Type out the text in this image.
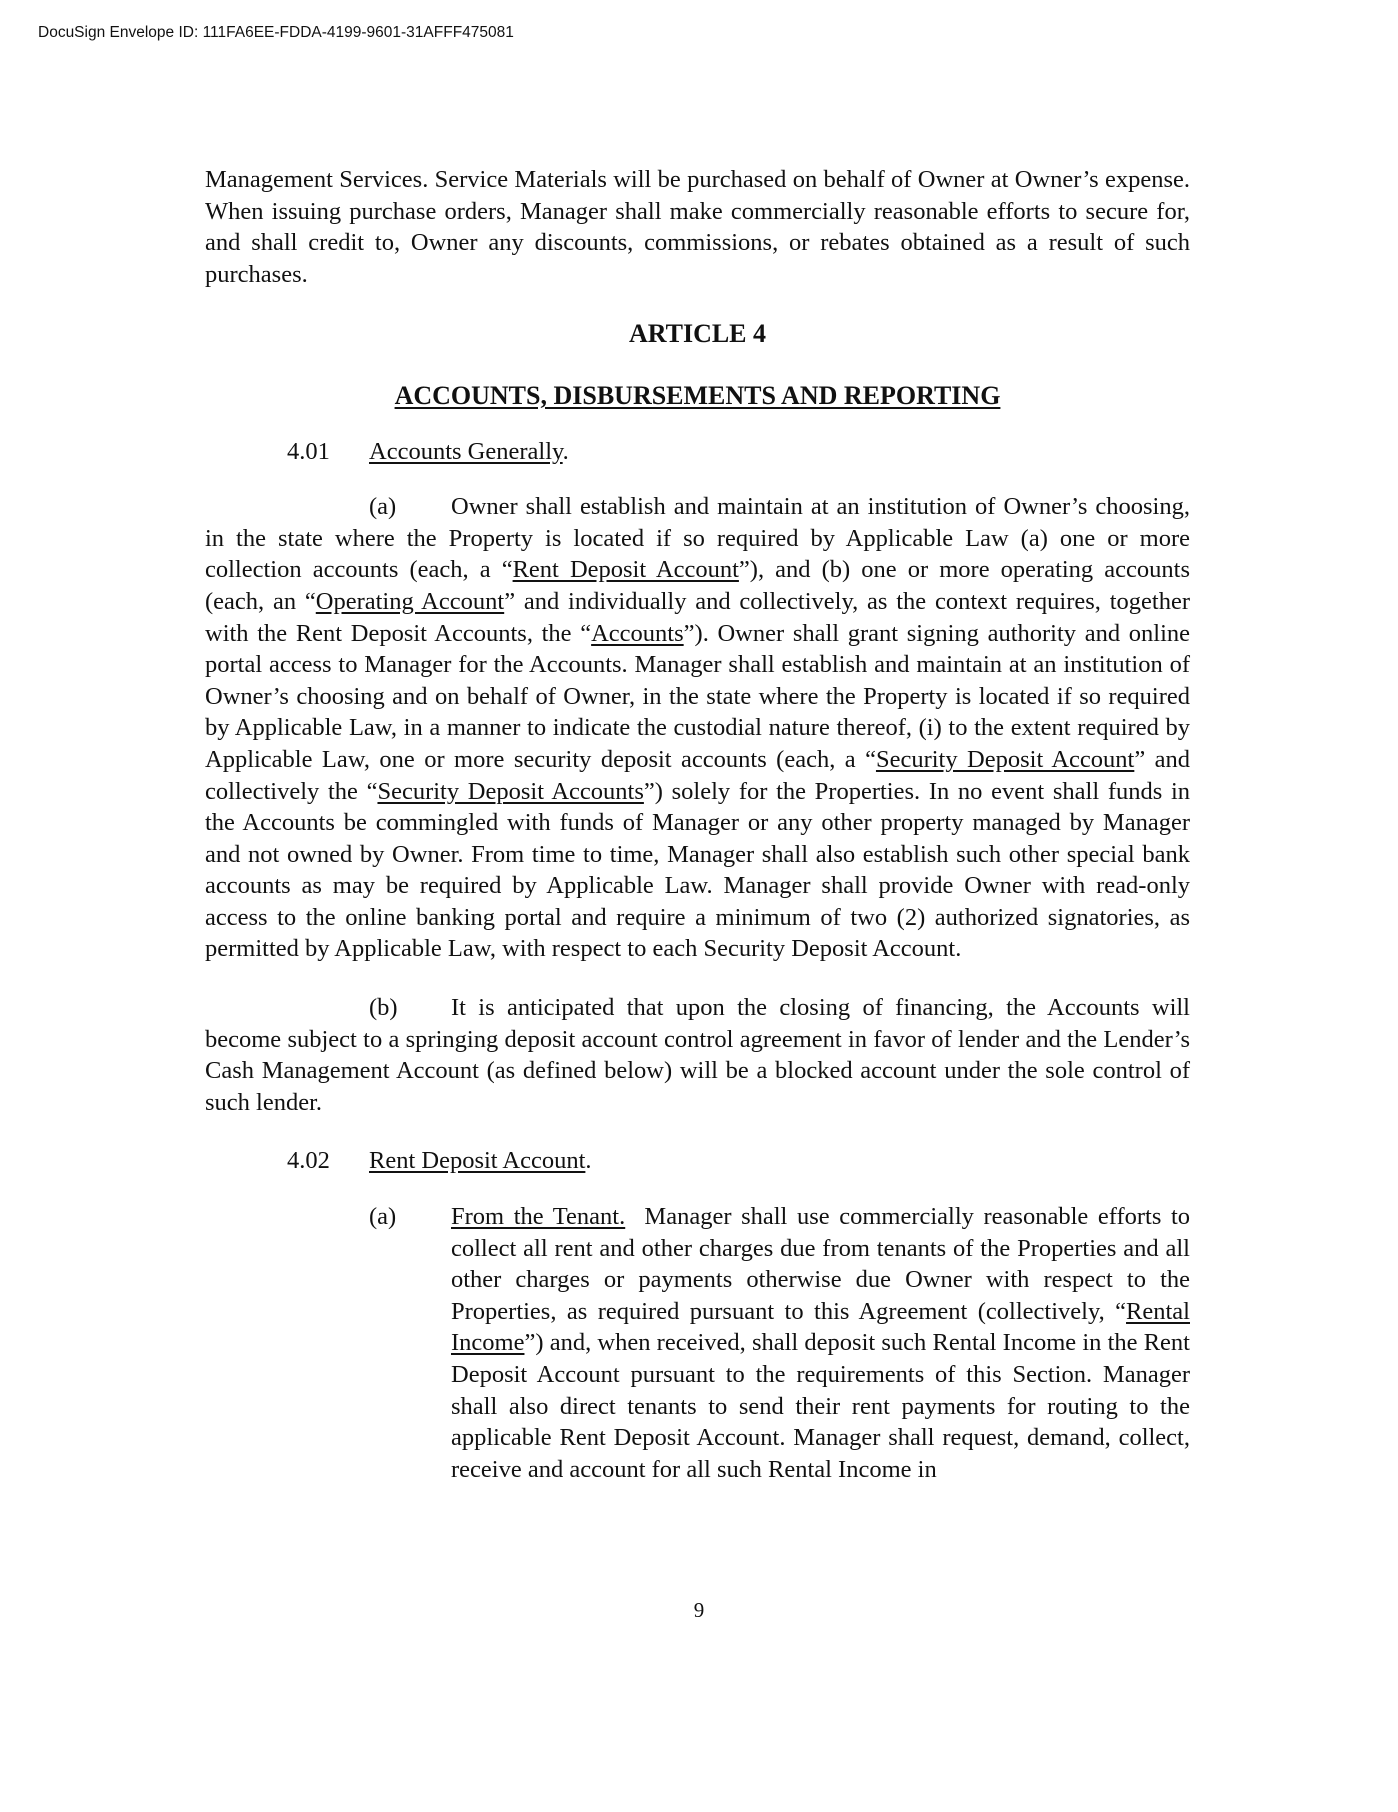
DocuSign Envelope ID: 111FA6EE-FDDA-4199-9601-31AFFF475081

Management Services. Service Materials will be purchased on behalf of Owner at Owner’s expense. When issuing purchase orders, Manager shall make commercially reasonable efforts to secure for, and shall credit to, Owner any discounts, commissions, or rebates obtained as a result of such purchases.

ARTICLE 4

ACCOUNTS, DISBURSEMENTS AND REPORTING

4.01	Accounts Generally.

(a) Owner shall establish and maintain at an institution of Owner’s choosing, in the state where the Property is located if so required by Applicable Law (a) one or more collection accounts (each, a “Rent Deposit Account”), and (b) one or more operating accounts (each, an “Operating Account” and individually and collectively, as the context requires, together with the Rent Deposit Accounts, the “Accounts”). Owner shall grant signing authority and online portal access to Manager for the Accounts. Manager shall establish and maintain at an institution of Owner’s choosing and on behalf of Owner, in the state where the Property is located if so required by Applicable Law, in a manner to indicate the custodial nature thereof, (i) to the extent required by Applicable Law, one or more security deposit accounts (each, a “Security Deposit Account” and collectively the “Security Deposit Accounts”) solely for the Properties. In no event shall funds in the Accounts be commingled with funds of Manager or any other property managed by Manager and not owned by Owner. From time to time, Manager shall also establish such other special bank accounts as may be required by Applicable Law. Manager shall provide Owner with read-only access to the online banking portal and require a minimum of two (2) authorized signatories, as permitted by Applicable Law, with respect to each Security Deposit Account.

(b) It is anticipated that upon the closing of financing, the Accounts will become subject to a springing deposit account control agreement in favor of lender and the Lender’s Cash Management Account (as defined below) will be a blocked account under the sole control of such lender.

4.02	Rent Deposit Account.
(a)	From the Tenant. Manager shall use commercially reasonable efforts to collect all rent and other charges due from tenants of the Properties and all other charges or payments otherwise due Owner with respect to the Properties, as required pursuant to this Agreement (collectively, “Rental Income”) and, when received, shall deposit such Rental Income in the Rent Deposit Account pursuant to the requirements of this Section. Manager shall also direct tenants to send their rent payments for routing to the applicable Rent Deposit Account. Manager shall request, demand, collect, receive and account for all such Rental Income in

9
